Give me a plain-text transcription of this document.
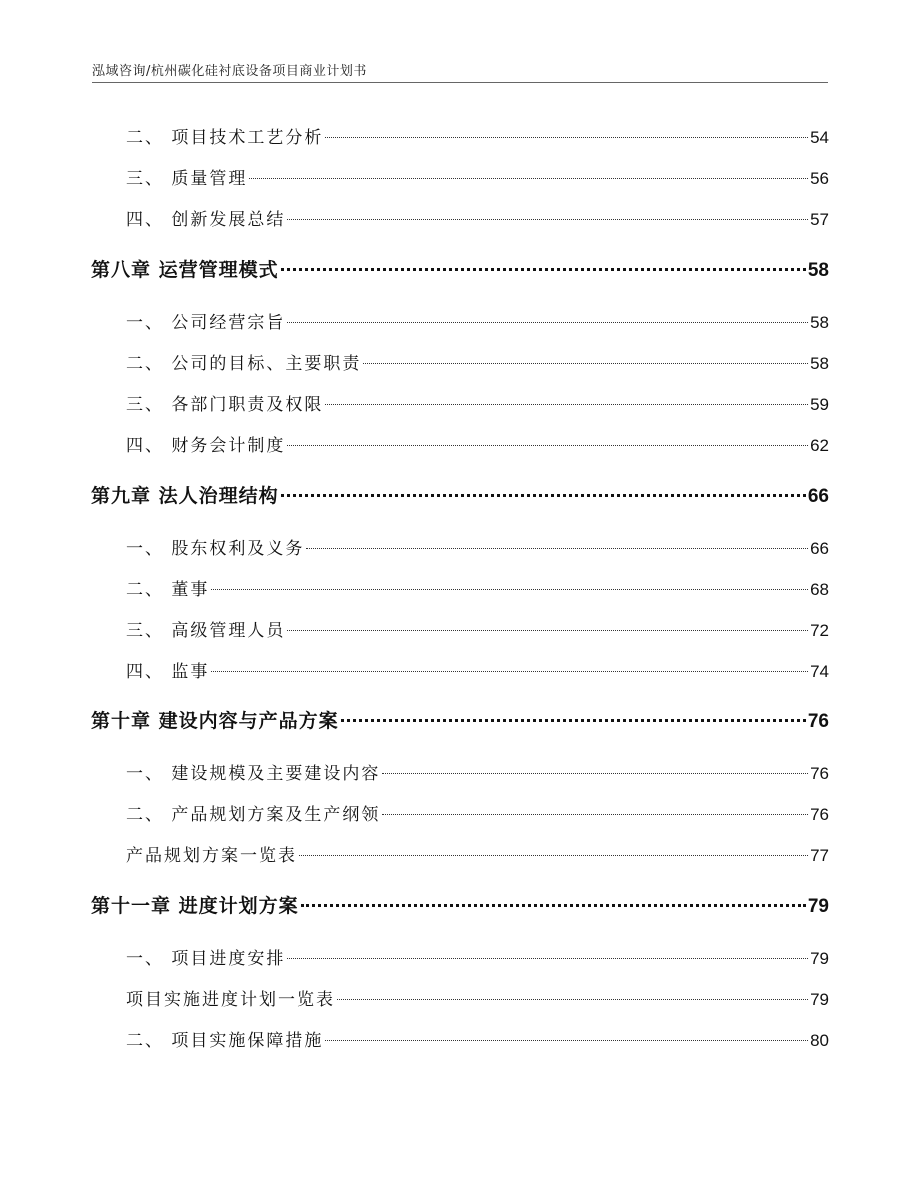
泓域咨询/杭州碳化硅衬底设备项目商业计划书
二、 项目技术工艺分析	54
三、 质量管理	56
四、 创新发展总结	57
第八章 运营管理模式	58
一、 公司经营宗旨	58
二、 公司的目标、主要职责	58
三、 各部门职责及权限	59
四、 财务会计制度	62
第九章 法人治理结构	66
一、 股东权利及义务	66
二、 董事	68
三、 高级管理人员	72
四、 监事	74
第十章 建设内容与产品方案	76
一、 建设规模及主要建设内容	76
二、 产品规划方案及生产纲领	76
产品规划方案一览表	77
第十一章 进度计划方案	79
一、 项目进度安排	79
项目实施进度计划一览表	79
二、 项目实施保障措施	80
